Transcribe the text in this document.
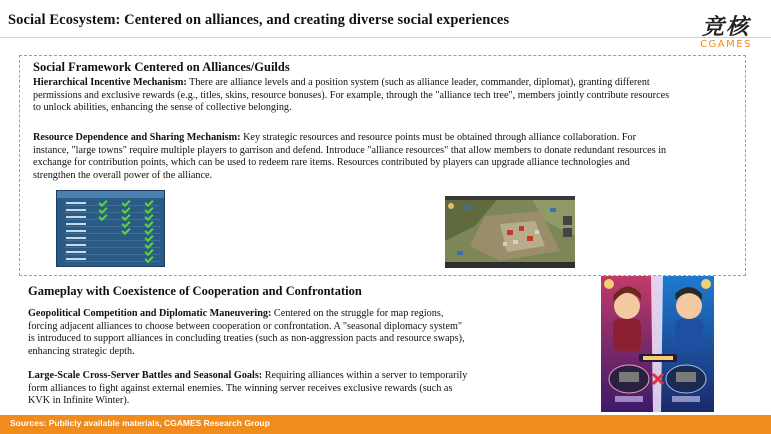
Social Ecosystem: Centered on alliances, and creating diverse social experiences	竞核
CGAMES
Social Framework Centered on Alliances/Guilds
Hierarchical Incentive Mechanism: There are alliance levels and a position system (such as alliance leader, commander, diplomat), granting different
permissions and exclusive rewards (e.g., titles, skins, resource bonuses). For example, through the "alliance tech tree", members jointly contribute resources
to unlock abilities, enhancing the sense of collective belonging.
Resource Dependence and Sharing Mechanism: Key strategic resources and resource points must be obtained through alliance collaboration. For
instance, "large towns" require multiple players to garrison and defend. Introduce "alliance resources" that allow members to donate redundant resources in
exchange for contribution points, which can be used to redeem rare items. Resources contributed by players can upgrade alliance technologies and
strengthen the overall power of the alliance.
Gameplay with Coexistence of Cooperation and Confrontation
Geopolitical Competition and Diplomatic Maneuvering: Centered on the struggle for map regions,
forcing adjacent alliances to choose between cooperation or confrontation. A "seasonal diplomacy system"
is introduced to support alliances in concluding treaties (such as non-aggression pacts and resource swaps),
enhancing strategic depth.
Large-Scale Cross-Server Battles and Seasonal Goals: Requiring alliances within a server to temporarily
form alliances to fight against external enemies. The winning server receives exclusive rewards (such as
KVK in Infinite Winter).
Sources: Publicly available materials, CGAMES Research Group
